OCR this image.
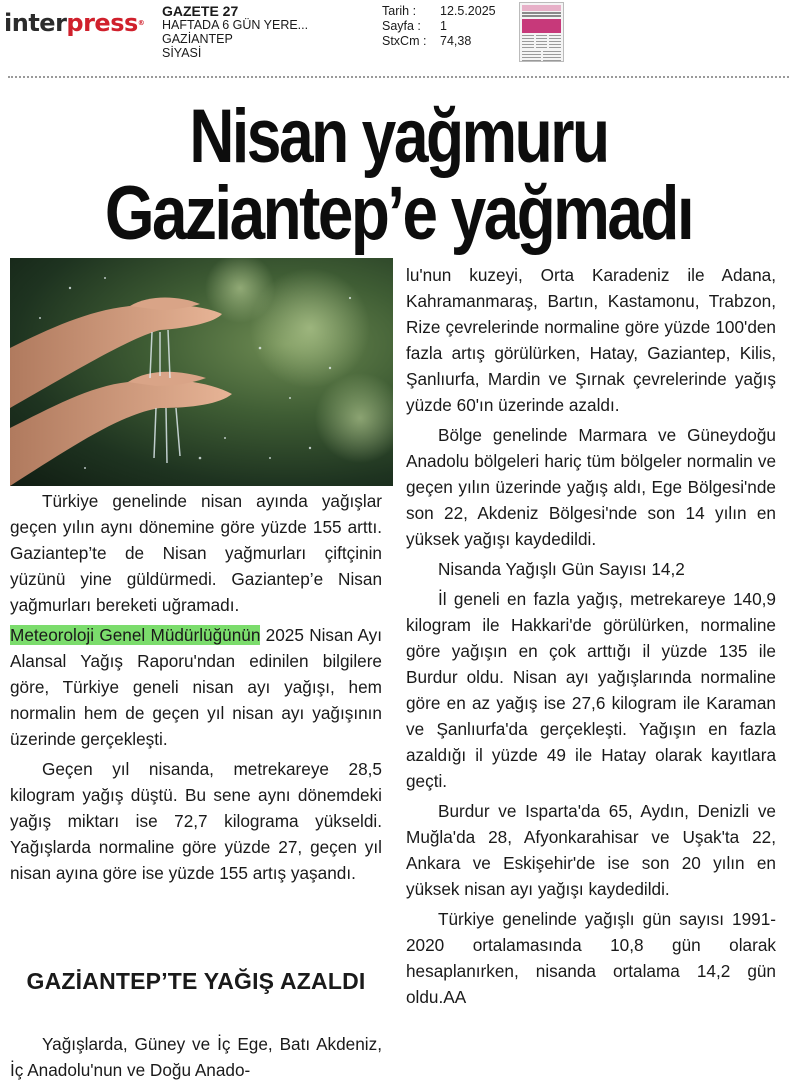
interpress®
GAZETE 27
HAFTADA 6 GÜN YERE...
GAZİANTEP
SİYASİ
Tarih :	12.5.2025
Sayfa :	1
StxCm :	74,38
Nisan yağmuru
Gaziantep’e yağmadı

Türkiye genelinde nisan ayında yağışlar geçen yılın aynı dönemine göre yüzde 155 arttı. Gaziantep’te de Nisan yağmurları çiftçinin yüzünü yine güldürmedi. Gaziantep’e Nisan yağmurları bereketi uğramadı.

Meteoroloji Genel Müdürlüğünün 2025 Nisan Ayı Alansal Yağış Raporu'ndan edinilen bilgilere göre, Türkiye geneli nisan ayı yağışı, hem normalin hem de geçen yıl nisan ayı yağışının üzerinde gerçekleşti.

Geçen yıl nisanda, metrekareye 28,5 kilogram yağış düştü. Bu sene aynı dönemdeki yağış miktarı ise 72,7 kilograma yükseldi. Yağışlarda normaline göre yüzde 27, geçen yıl nisan ayına göre ise yüzde 155 artış yaşandı.

GAZİANTEP’TE YAĞIŞ AZALDI

Yağışlarda, Güney ve İç Ege, Batı Akdeniz, İç Anadolu'nun ve Doğu Anado-

lu'nun kuzeyi, Orta Karadeniz ile Adana, Kahramanmaraş, Bartın, Kastamonu, Trabzon, Rize çevrelerinde normaline göre yüzde 100'den fazla artış görülürken, Hatay, Gaziantep, Kilis, Şanlıurfa, Mardin ve Şırnak çevrelerinde yağış yüzde 60'ın üzerinde azaldı.

Bölge genelinde Marmara ve Güneydoğu Anadolu bölgeleri hariç tüm bölgeler normalin ve geçen yılın üzerinde yağış aldı, Ege Bölgesi'nde son 22, Akdeniz Bölgesi'nde son 14 yılın en yüksek yağışı kaydedildi.

Nisanda Yağışlı Gün Sayısı 14,2

İl geneli en fazla yağış, metrekareye 140,9 kilogram ile Hakkari'de görülürken, normaline göre yağışın en çok arttığı il yüzde 135 ile Burdur oldu. Nisan ayı yağışlarında normaline göre en az yağış ise 27,6 kilogram ile Karaman ve Şanlıurfa'da gerçekleşti. Yağışın en fazla azaldığı il yüzde 49 ile Hatay olarak kayıtlara geçti.

Burdur ve Isparta'da 65, Aydın, Denizli ve Muğla'da 28, Afyonkarahisar ve Uşak'ta 22, Ankara ve Eskişehir'de ise son 20 yılın en yüksek nisan ayı yağışı kaydedildi.

Türkiye genelinde yağışlı gün sayısı 1991-2020 ortalamasında 10,8 gün olarak hesaplanırken, nisanda ortalama 14,2 gün oldu.AA
